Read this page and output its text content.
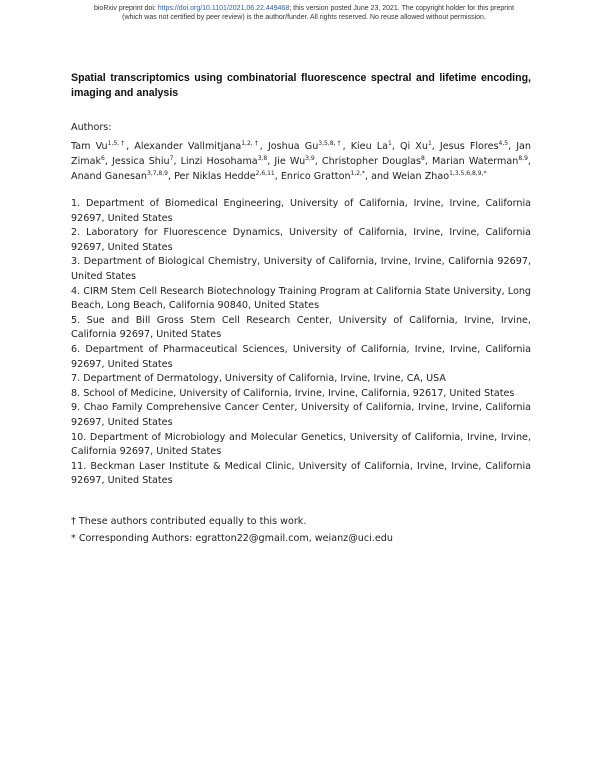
bioRxiv preprint doi: https://doi.org/10.1101/2021.06.22.449468; this version posted June 23, 2021. The copyright holder for this preprint
(which was not certified by peer review) is the author/funder. All rights reserved. No reuse allowed without permission.
Spatial transcriptomics using combinatorial fluorescence spectral and lifetime encoding, imaging and analysis
Authors:
Tam $Vu^{1,5,\dagger}$, Alexander Vallmitjana$^{1,2,\dagger}$, Joshua $Gu^{3,5,8,\dagger}$, Kieu La$^1$, Qi Xu$^1$, Jesus Flores$^{4,5}$, Jan Zimak$^6$, Jessica Shiu$^7$, Linzi Hosohama$^{3,8}$, Jie Wu$^{3,9}$, Christopher Douglas$^8$, Marian Waterman$^{8,9}$, Anand Ganesan$^{3,7,8,9}$, Per Niklas Hedde$^{2,6,11}$, Enrico Gratton$^{1,2,*}$, and Weian Zhao$^{1,3,5,6,8,9,*}$

1. Department of Biomedical Engineering, University of California, Irvine, Irvine, California 92697, United States

2. Laboratory for Fluorescence Dynamics, University of California, Irvine, Irvine, California 92697, United States

3. Department of Biological Chemistry, University of California, Irvine, Irvine, California 92697, United States

4. CIRM Stem Cell Research Biotechnology Training Program at California State University, Long Beach, Long Beach, California 90840, United States

5. Sue and Bill Gross Stem Cell Research Center, University of California, Irvine, Irvine, California 92697, United States

6. Department of Pharmaceutical Sciences, University of California, Irvine, Irvine, California 92697, United States

7. Department of Dermatology, University of California, Irvine, Irvine, CA, USA

8. School of Medicine, University of California, Irvine, Irvine, California, 92617, United States

9. Chao Family Comprehensive Cancer Center, University of California, Irvine, Irvine, California 92697, United States

10. Department of Microbiology and Molecular Genetics, University of California, Irvine, Irvine, California 92697, United States

11. Beckman Laser Institute & Medical Clinic, University of California, Irvine, Irvine, California 92697, United States

† These authors contributed equally to this work.
* Corresponding Authors: egratton22@gmail.com, weianz@uci.edu
